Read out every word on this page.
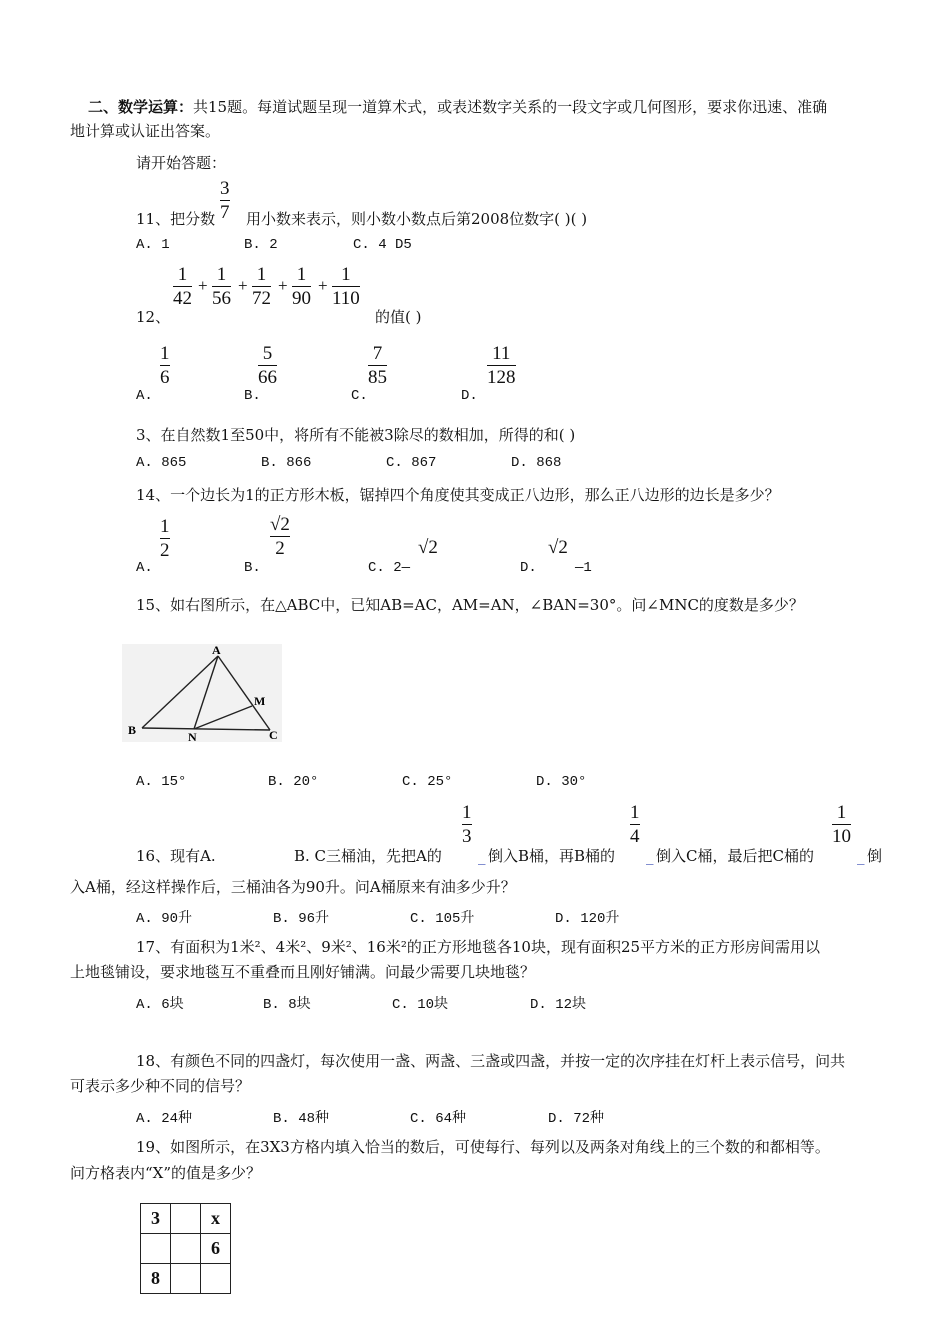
二、数学运算：共15题。每道试题呈现一道算术式，或表述数字关系的一段文字或几何图形，要求你迅速、准确
地计算或认证出答案。
请开始答题：
3
7
11、把分数 用小数来表示，则小数小数点后第2008位数字( )( )
A. 1	B. 2	C. 4 D5
1
42
+
1
56
+
1
72
+
1
90
+
1
110
12、	的值( )
1
6
5
66
7
85
11
128
A.	B.	C.	D.
3、在自然数1至50中，将所有不能被3除尽的数相加，所得的和( )
A. 865	B. 866	C. 867	D. 868
14、一个边长为1的正方形木板，锯掉四个角度使其变成正八边形，那么正八边形的边长是多少？
1
2
√2
2	√2	√2
A.	B.	C. 2—	D.	—1
15、如右图所示，在△ABC中，已知AB=AC，AM=AN，∠BAN=30°。问∠MNC的度数是多少？
A
B	C
M
N
A. 15°	B. 20°	C. 25°	D. 30°
1
3
1
4
1
10
16、现有A.	B. C三桶油，先把A的 _ 倒入B桶，再B桶的 _ 倒入C桶，最后把C桶的	_ 倒
入A桶，经这样操作后，三桶油各为90升。问A桶原来有油多少升？
A. 90升	B. 96升	C. 105升	D. 120升
17、有面积为1米²、4米²、9米²、16米²的正方形地毯各10块，现有面积25平方米的正方形房间需用以
上地毯铺设，要求地毯互不重叠而且刚好铺满。问最少需要几块地毯？
A. 6块	B. 8块	C. 10块	D. 12块
18、有颜色不同的四盏灯，每次使用一盏、两盏、三盏或四盏，并按一定的次序挂在灯杆上表示信号，问共
可表示多少种不同的信号？
A. 24种	B. 48种	C. 64种	D. 72种
19、如图所示，在3X3方格内填入恰当的数后，可使每行、每列以及两条对角线上的三个数的和都相等。
问方格表内“X”的值是多少？
3		x
		6
8		
